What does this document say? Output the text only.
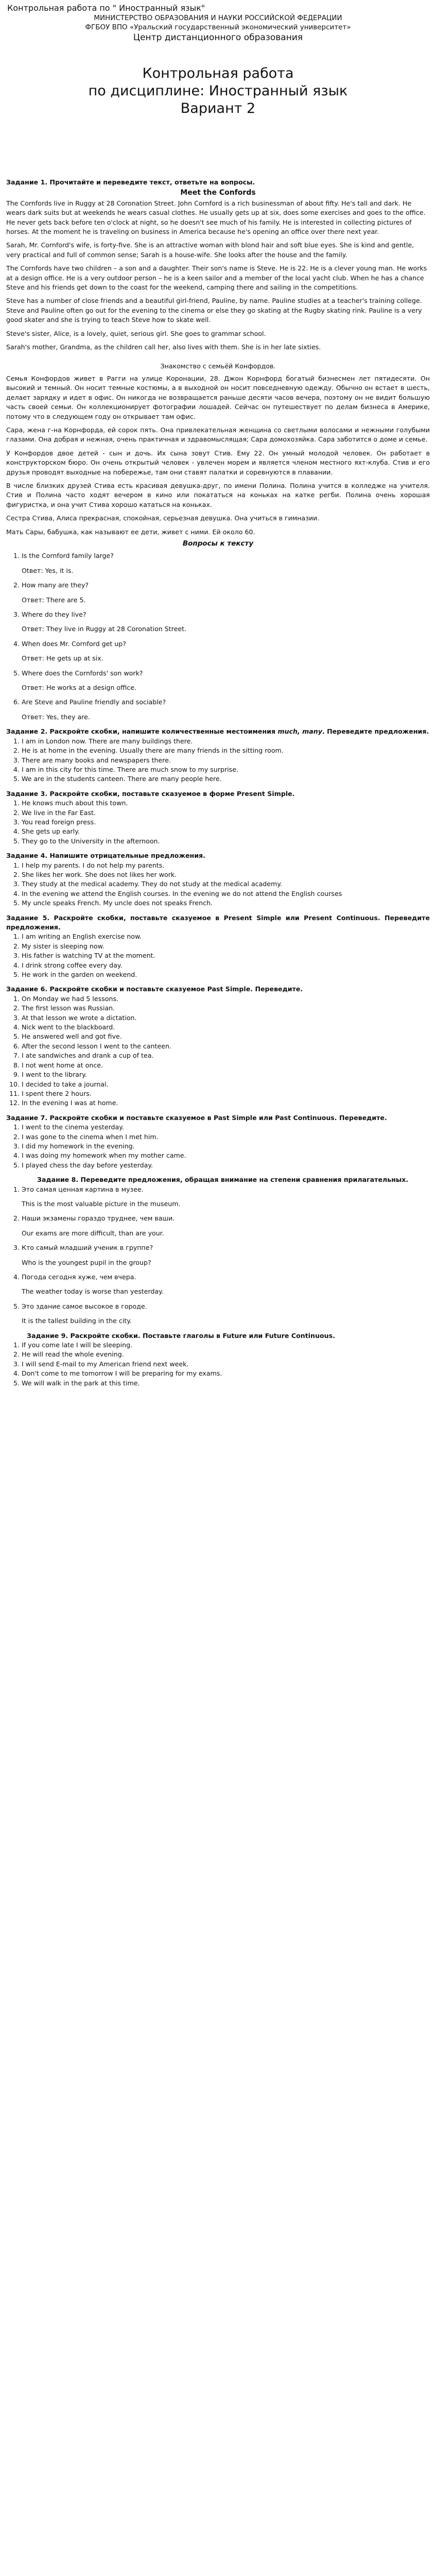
Контрольная работа по " Иностранный язык"

МИНИСТЕРСТВО ОБРАЗОВАНИЯ И НАУКИ РОССИЙСКОЙ ФЕДЕРАЦИИ

ФГБОУ ВПО «Уральский государственный экономический университет»

Центр дистанционного образования

Контрольная работа

по дисциплине: Иностранный язык

Вариант 2

Задание 1. Прочитайте и переведите текст, ответьте на вопросы.

Meet the Confords

The Cornfords live in Ruggy at 28 Coronation Street. John Cornford is a rich businessman of about fifty. He's tall and dark. He wears dark suits but at weekends he wears casual clothes. He usually gets up at six, does some exercises and goes to the office. He never gets back before ten o'clock at night, so he doesn't see much of his family. He is interested in collecting pictures of horses. At the moment he is traveling on business in America because he's opening an office over there next year.

Sarah, Mr. Cornford's wife, is forty-five. She is an attractive woman with blond hair and soft blue eyes. She is kind and gentle, very practical and full of common sense; Sarah is a house-wife. She looks after the house and the family.

The Cornfords have two children – a son and a daughter. Their son's name is Steve. He is 22. He is a clever young man. He works at a design office. He is a very outdoor person – he is a keen sailor and a member of the local yacht club. When he has a chance Steve and his friends get down to the coast for the weekend, camping there and sailing in the competitions.

Steve has a number of close friends and a beautiful girl-friend, Pauline, by name. Pauline studies at a teacher's training college. Steve and Pauline often go out for the evening to the cinema or else they go skating at the Rugby skating rink. Pauline is a very good skater and she is trying to teach Steve how to skate well.

Steve's sister, Alice, is a lovely, quiet, serious girl. She goes to grammar school.

Sarah's mother, Grandma, as the children call her, also lives with them. She is in her late sixties.

Знакомство с семьёй Конфордов.

Семья Конфордов живет в Рагги на улице Коронации, 28. Джон Корнфорд богатый бизнесмен лет пятидесяти. Он высокий и темный. Он носит темные костюмы, а в выходной он носит повседневную одежду. Обычно он встает в шесть, делает зарядку и идет в офис. Он никогда не возвращается раньше десяти часов вечера, поэтому он не видит большую часть своей семьи. Он коллекционирует фотографии лошадей. Сейчас он путешествует по делам бизнеса в Америке, потому что в следующем году он открывает там офис.

Сара, жена г-на Корнфорда, ей сорок пять. Она привлекательная женщина со светлыми волосами и нежными голубыми глазами. Она добрая и нежная, очень практичная и здравомыслящая; Сара домохозяйка. Сара заботится о доме и семье.

У Конфордов двое детей - сын и дочь. Их сына зовут Стив. Ему 22. Он умный молодой человек. Он работает в конструкторском бюро. Он очень открытый человек - увлечен морем и является членом местного яхт-клуба. Стив и его друзья проводят выходные на побережье, там они ставят палатки и соревнуются в плавании.

В числе близких друзей Стива есть красивая девушка-друг, по имени Полина. Полина учится в колледже на учителя. Стив и Полина часто ходят вечером в кино или покататься на коньках на катке регби. Полина очень хорошая фигуристка, и она учит Стива хорошо кататься на коньках.

Сестра Стива, Алиса прекрасная, спокойная, серьезная девушка. Она учиться в гимназии.

Мать Сары, бабушка, как называют ее дети, живет с ними. Ей около 60.

Вопросы к тексту

1. Is the Cornford family large?
Otвет: Yes, it is.
2. How many are they?
Ответ: There are 5.
3. Where do they live?
Ответ: They live in Ruggy at 28 Coronation Street.
4. When does Mr. Cornford get up?
Ответ: He gets up at six.
5. Where does the Cornfords' son work?
Ответ: He works at a design office.
6. Are Steve and Pauline friendly and sociable?
Ответ: Yes, they are.

Задание 2. Раскройте скобки, напишите количественные местоимения much, many. Переведите предложения.

1. I am in London now. There are many buildings there.
2. He is at home in the evening. Usually there are many friends in the sitting room.
3. There are many books and newspapers there.
4. I am in this city for this time. There are much snow to my surprise.
5. We are in the students canteen. There are many people here.

Задание 3. Раскройте скобки, поставьте сказуемое в форме Present Simple.

1. He knows much about this town.
2. We live in the Far East.
3. You read foreign press.
4. She gets up early.
5. They go to the University in the afternoon.

Задание 4. Напишите отрицательные предложения.

1. I help my parents. I do not help my parents.
2. She likes her work. She does not likes her work.
3. They study at the medical academy. They do not study at the medical academy.
4. In the evening we attend the English courses. In the evening we do not attend the English courses
5. My uncle speaks French. My uncle does not speaks French.

Задание 5. Раскройте скобки, поставьте сказуемое в Present Simple или Present Continuous. Переведите предложения.

1. I am writing an English exercise now.
2. My sister is sleeping now.
3. His father is watching TV at the moment.
4. I drink strong coffee every day.
5. He work in the garden on weekend.

Задание 6. Раскройте скобки и поставьте сказуемое Past Simple. Переведите.

1. On Monday we had 5 lessons.
2. The first lesson was Russian.
3. At that lesson we wrote a dictation.
4. Nick went to the blackboard.
5. He answered well and got five.
6. After the second lesson I went to the canteen.
7. I ate sandwiches and drank a cup of tea.
8. I not went home at once.
9. I went to the library.
10. I decided to take a journal.
11. I spent there 2 hours.
12. In the evening I was at home.

Задание 7. Раскройте скобки и поставьте сказуемое в Past Simple или Past Continuous. Переведите.

1. I went to the cinema yesterday.
2. I was gone to the cinema when I met him.
3. I did my homework in the evening.
4. I was doing my homework when my mother came.
5. I played chess the day before yesterday.

Задание 8. Переведите предложения, обращая внимание на степени сравнения прилагательных.

1. Это самая ценная картина в музее.
This is the most valuable picture in the museum.
2. Наши экзамены гораздо труднее, чем ваши.
Our exams are more difficult, than are your.
3. Кто самый младший ученик в группе?
Who is the youngest pupil in the group?
4. Погода сегодня хуже, чем вчера.
The weather today is worse than yesterday.
5. Это здание самое высокое в городе.
It is the tallest building in the city.

Задание 9. Раскройте скобки. Поставьте глаголы в Future или Future Continuous.

1. If you come late I will be sleeping.
2. He will read the whole evening.
3. I will send E-mail to my American friend next week.
4. Don't come to me tomorrow I will be preparing for my exams.
5. We will walk in the park at this time.
